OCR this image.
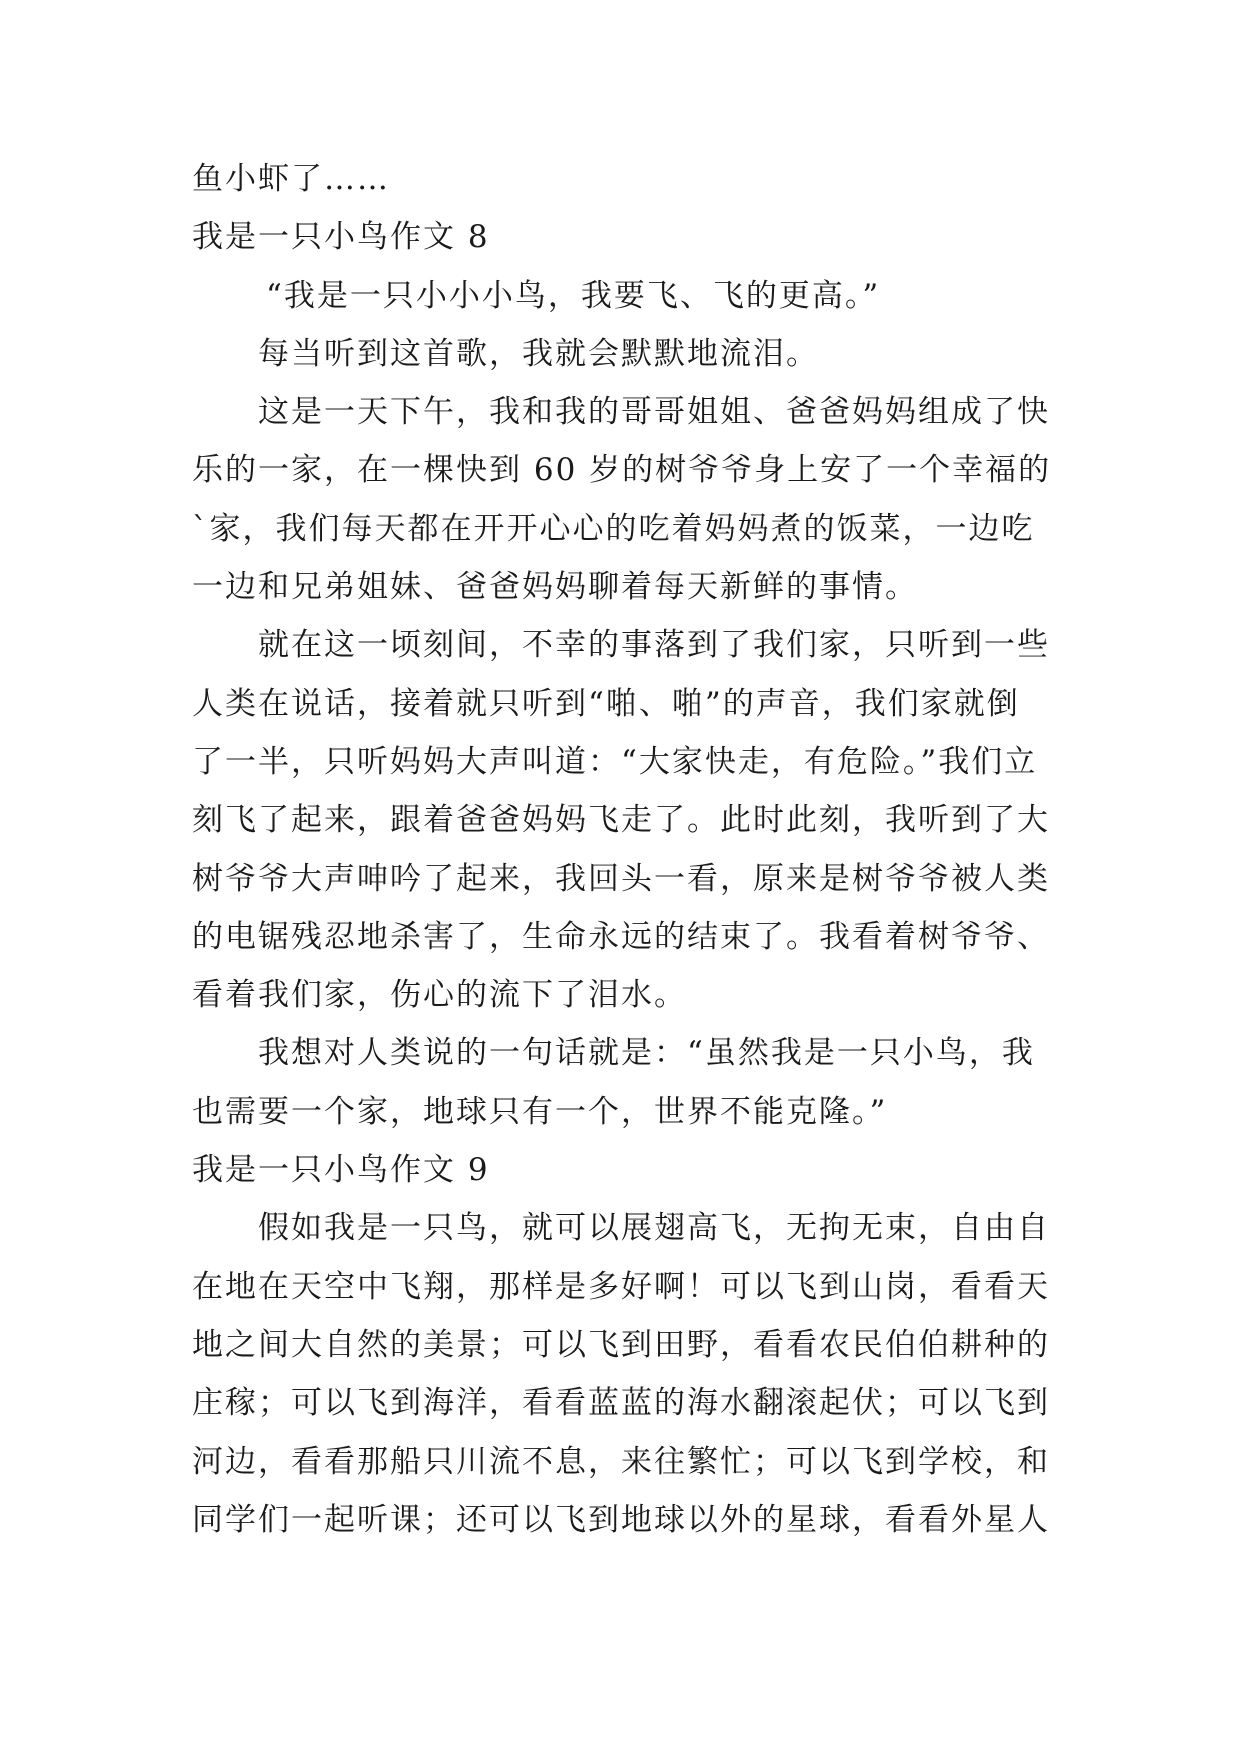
鱼小虾了……
我是一只小鸟作文 8
“我是一只小小小鸟，我要飞、飞的更高。”
每当听到这首歌，我就会默默地流泪。
这是一天下午，我和我的哥哥姐姐、爸爸妈妈组成了快
乐的一家，在一棵快到 60 岁的树爷爷身上安了一个幸福的
`家，我们每天都在开开心心的吃着妈妈煮的饭菜，一边吃
一边和兄弟姐妹、爸爸妈妈聊着每天新鲜的事情。
就在这一顷刻间，不幸的事落到了我们家，只听到一些
人类在说话，接着就只听到“啪、啪”的声音，我们家就倒
了一半，只听妈妈大声叫道：“大家快走，有危险。”我们立
刻飞了起来，跟着爸爸妈妈飞走了。此时此刻，我听到了大
树爷爷大声呻吟了起来，我回头一看，原来是树爷爷被人类
的电锯残忍地杀害了，生命永远的结束了。我看着树爷爷、
看着我们家，伤心的流下了泪水。
我想对人类说的一句话就是：“虽然我是一只小鸟，我
也需要一个家，地球只有一个，世界不能克隆。”
我是一只小鸟作文 9
假如我是一只鸟，就可以展翅高飞，无拘无束，自由自
在地在天空中飞翔，那样是多好啊！可以飞到山岗，看看天
地之间大自然的美景；可以飞到田野，看看农民伯伯耕种的
庄稼；可以飞到海洋，看看蓝蓝的海水翻滚起伏；可以飞到
河边，看看那船只川流不息，来往繁忙；可以飞到学校，和
同学们一起听课；还可以飞到地球以外的星球，看看外星人
